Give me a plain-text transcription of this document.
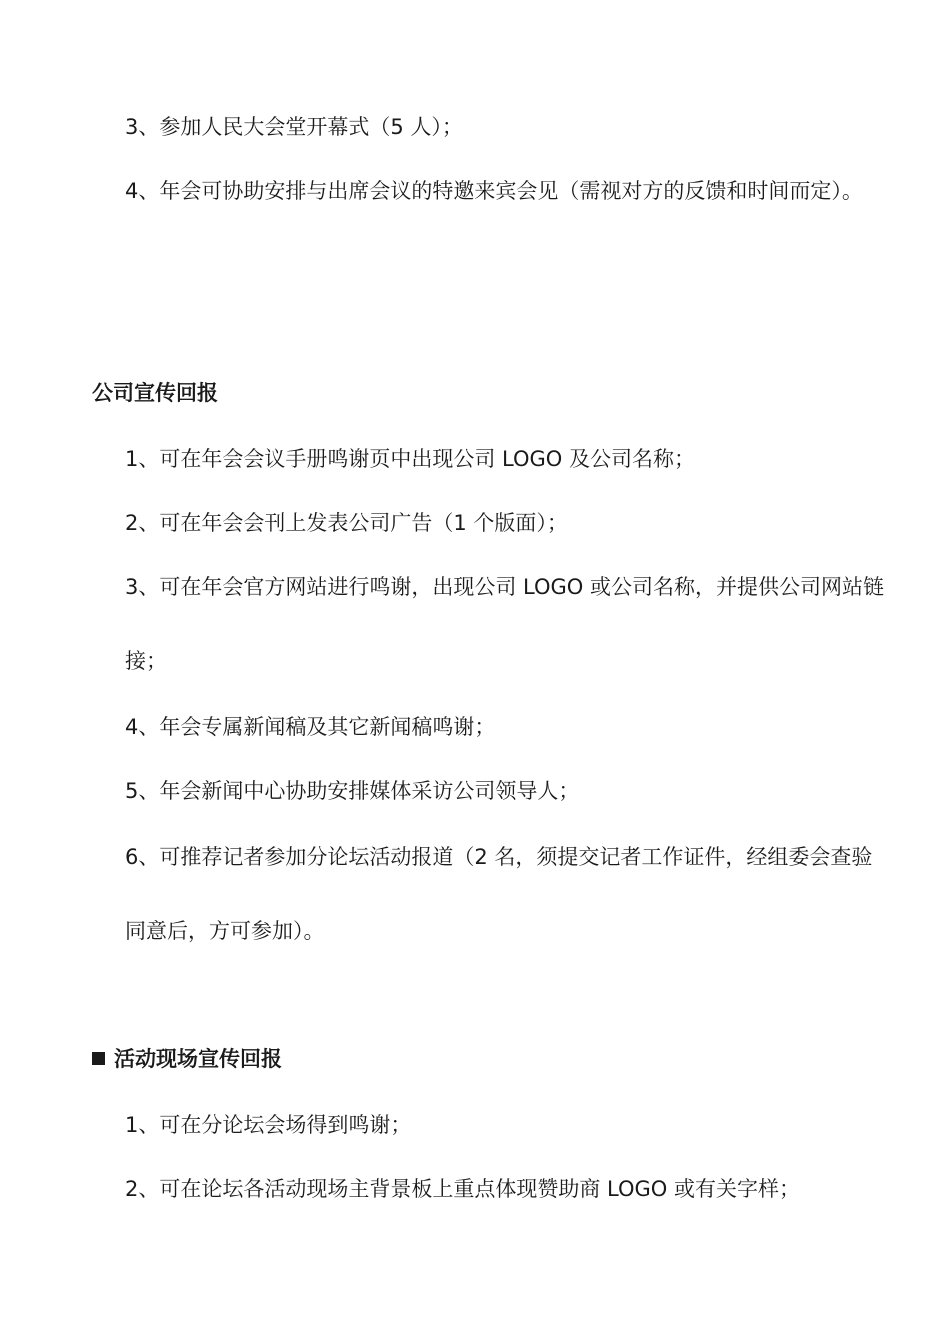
3、参加人民大会堂开幕式（5 人）；
4、年会可协助安排与出席会议的特邀来宾会见（需视对方的反馈和时间而定）。
公司宣传回报
1、可在年会会议手册鸣谢页中出现公司 LOGO 及公司名称；
2、可在年会会刊上发表公司广告（1 个版面）；
3、可在年会官方网站进行鸣谢，出现公司 LOGO 或公司名称，并提供公司网站链接；
4、年会专属新闻稿及其它新闻稿鸣谢；
5、年会新闻中心协助安排媒体采访公司领导人；
6、可推荐记者参加分论坛活动报道（2 名，须提交记者工作证件，经组委会查验同意后，方可参加）。
活动现场宣传回报
1、可在分论坛会场得到鸣谢；
2、可在论坛各活动现场主背景板上重点体现赞助商 LOGO 或有关字样；
